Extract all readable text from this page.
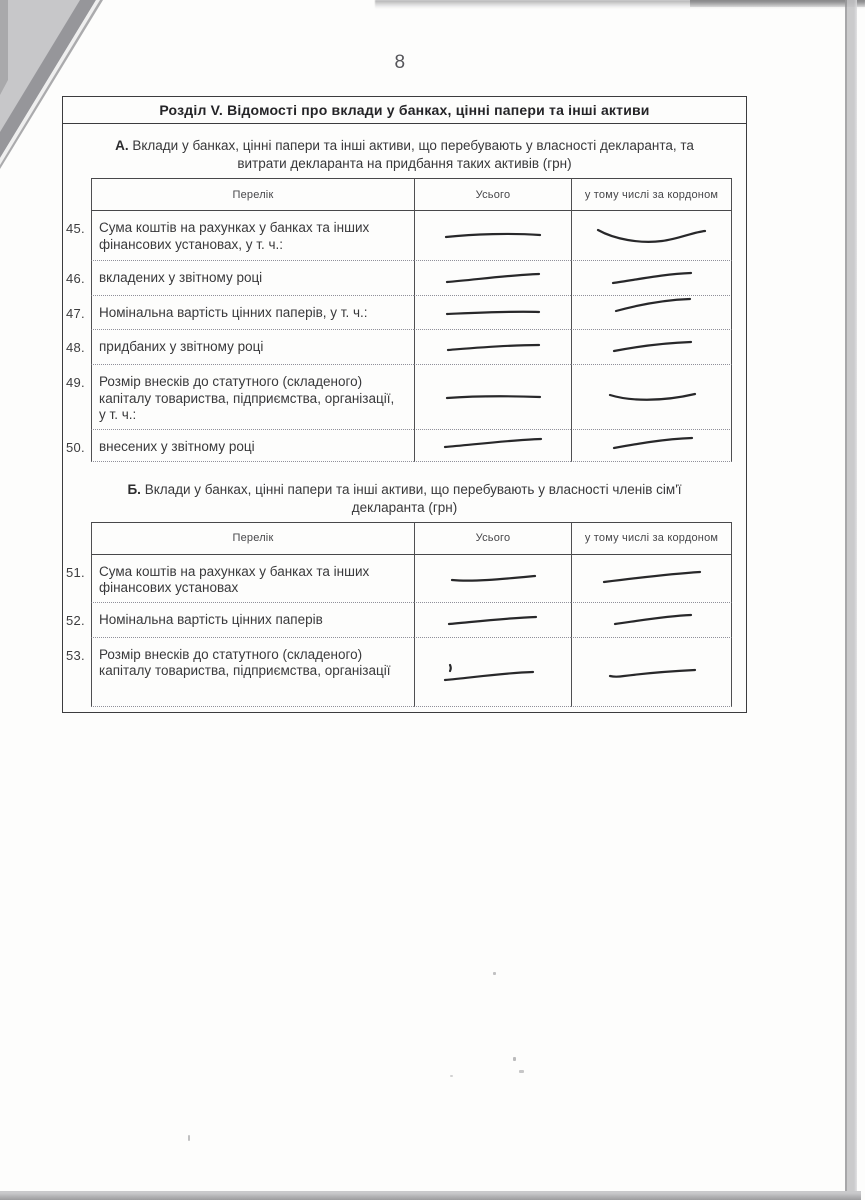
8
Розділ V. Відомості про вклади у банках, цінні папери та інші активи
А. Вклади у банках, цінні папери та інші активи, що перебувають у власності декларанта, та витрати декларанта на придбання таких активів (грн)
Перелік	Усього	у тому числі за кордоном
45.	Сума коштів на рахунках у банках та інших фінансових установах, у т. ч.:
46.	вкладених у звітному році
47.	Номінальна вартість цінних паперів, у т. ч.:
48.	придбаних у звітному році
49.	Розмір внесків до статутного (складеного) капіталу товариства, підприємства, організації, у т. ч.:
50.	внесених у звітному році
Б. Вклади у банках, цінні папери та інші активи, що перебувають у власності членів сім'ї декларанта (грн)
Перелік	Усього	у тому числі за кордоном
51.	Сума коштів на рахунках у банках та інших фінансових установах
52.	Номінальна вартість цінних паперів
53.	Розмір внесків до статутного (складеного) капіталу товариства, підприємства, організації
